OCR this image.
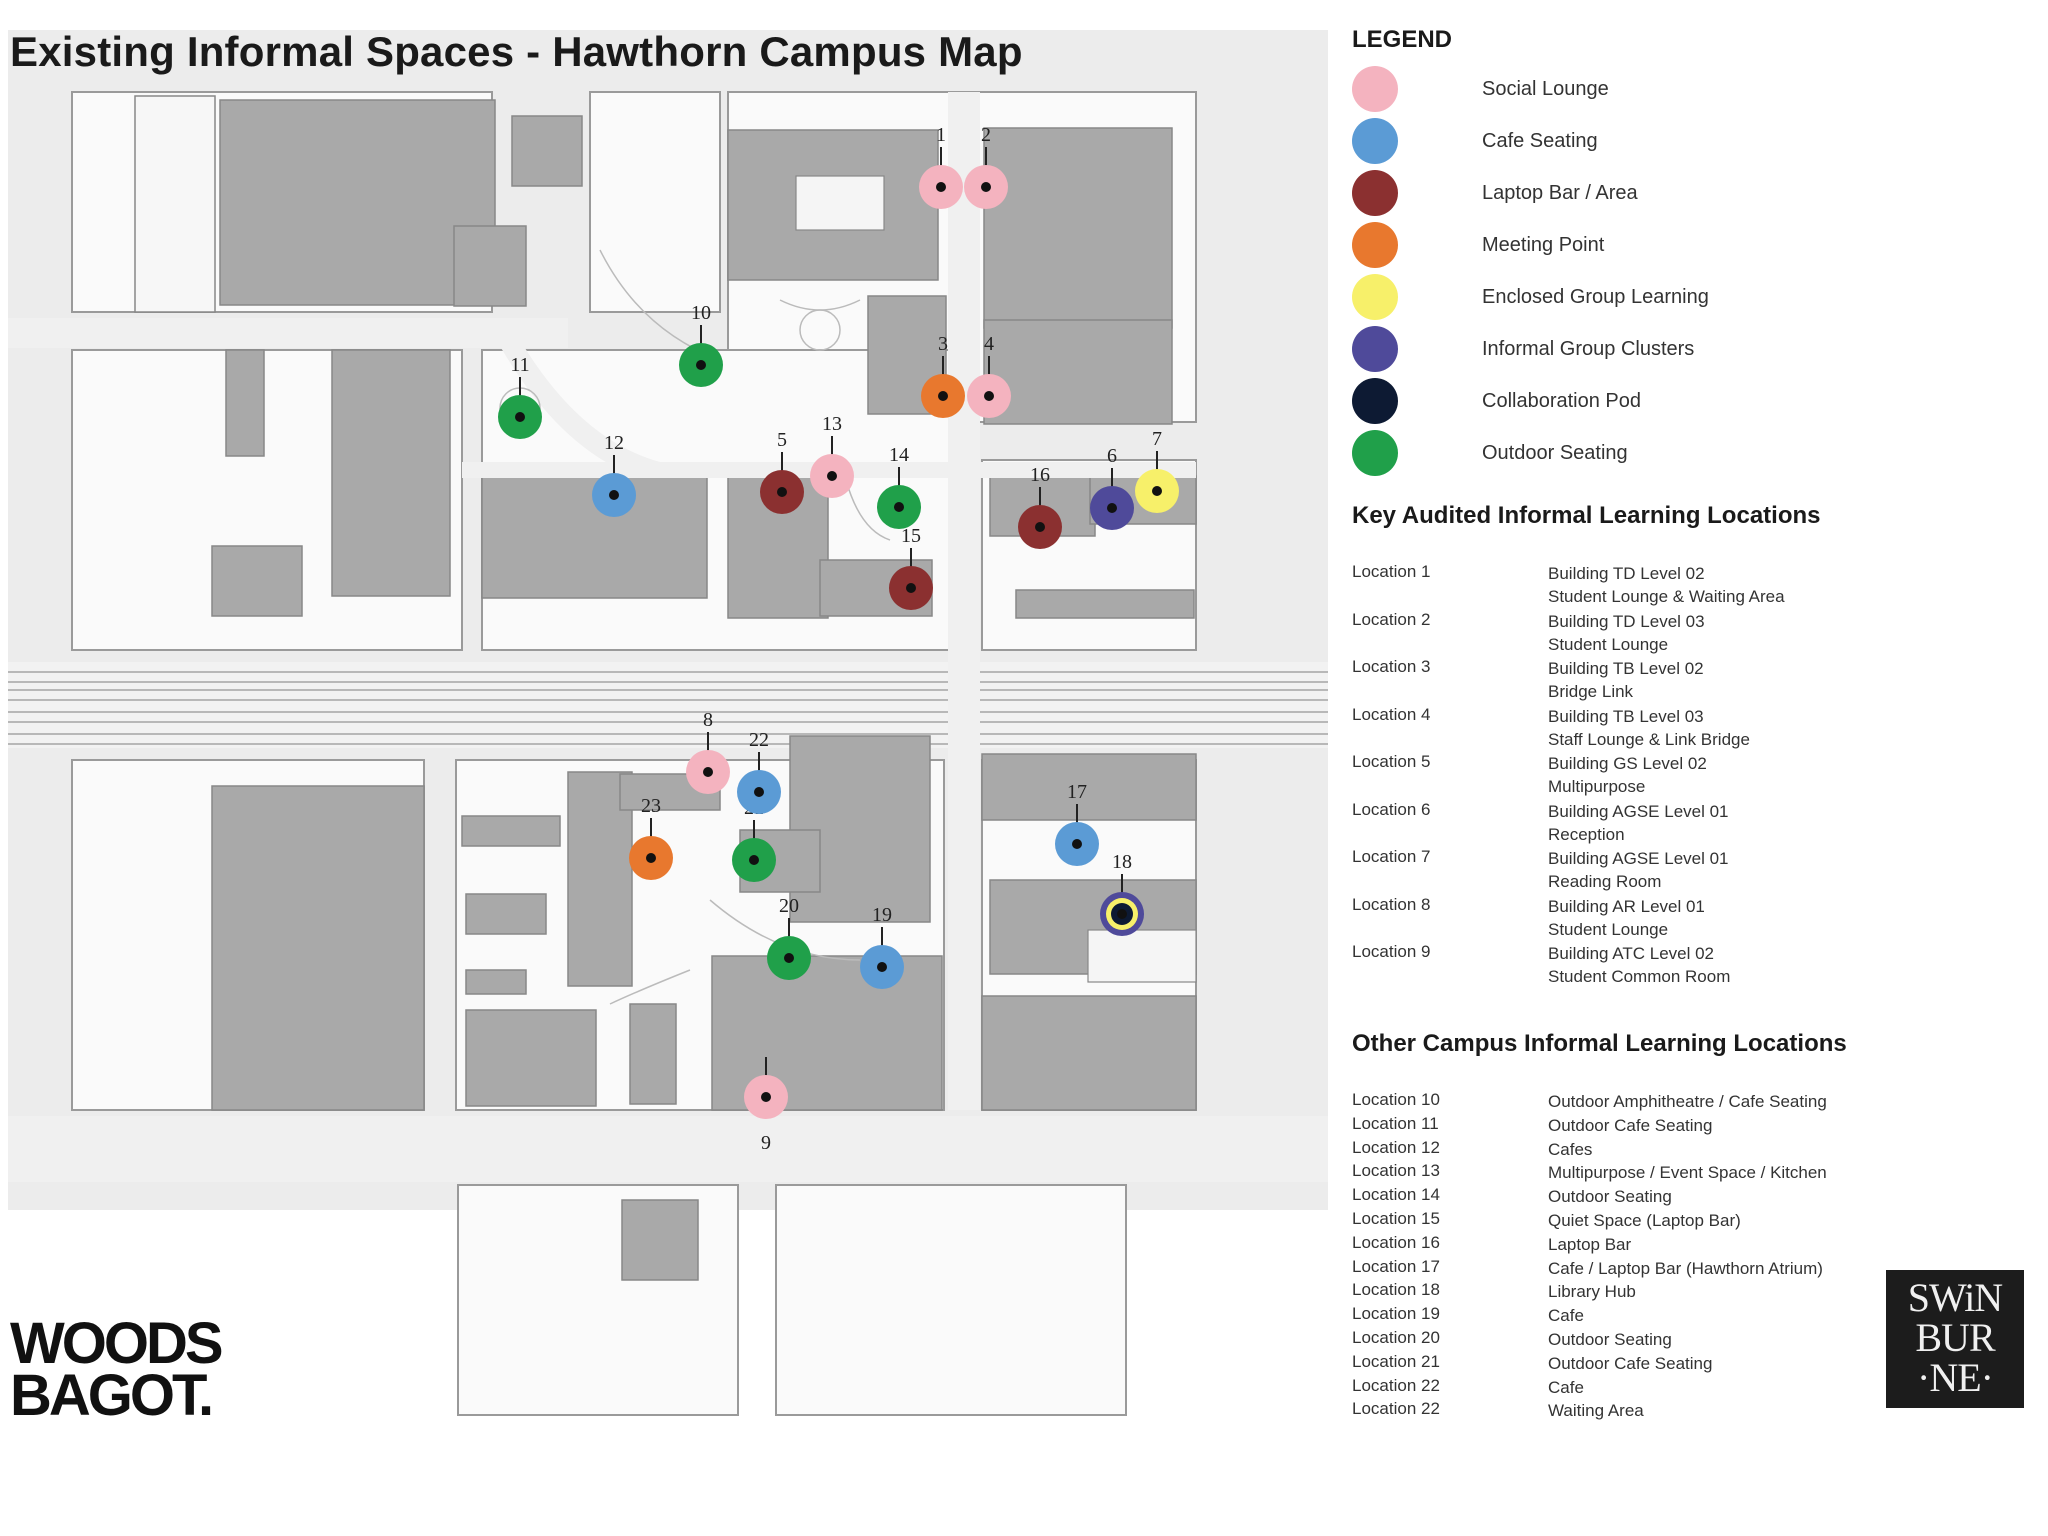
Existing Informal Spaces - Hawthorn Campus Map
1 2
3 4
5
6
7
8
9
10
11
12
13
14
15
16
17
18
19
20
22
23
LEGEND
Social Lounge
Cafe Seating
Laptop Bar / Area
Meeting Point
Enclosed Group Learning
Informal Group Clusters
Collaboration Pod
Outdoor Seating
Key Audited Informal Learning Locations
Location 1	Building TD Level 02
Student Lounge & Waiting Area
Location 2	Building TD Level 03
Student Lounge
Location 3	Building TB Level 02
Bridge Link
Location 4	Building TB Level 03
Staff Lounge & Link Bridge
Location 5	Building GS Level 02
Multipurpose
Location 6	Building AGSE Level 01
Reception
Location 7	Building AGSE Level 01
Reading Room
Location 8	Building AR Level 01
Student Lounge
Location 9	Building ATC Level 02
Student Common Room
Other Campus Informal Learning Locations
Location 10	Outdoor Amphitheatre / Cafe Seating
Location 11	Outdoor Cafe Seating
Location 12	Cafes
Location 13	Multipurpose / Event Space / Kitchen
Location 14	Outdoor Seating
Location 15	Quiet Space (Laptop Bar)
Location 16	Laptop Bar
Location 17	Cafe / Laptop Bar (Hawthorn Atrium)
Location 18	Library Hub
Location 19	Cafe
Location 20	Outdoor Seating
Location 21	Outdoor Cafe Seating
Location 22	Cafe
Location 22	Waiting Area
WOODS
BAGOT.
SWiN
BUR
·NE·
